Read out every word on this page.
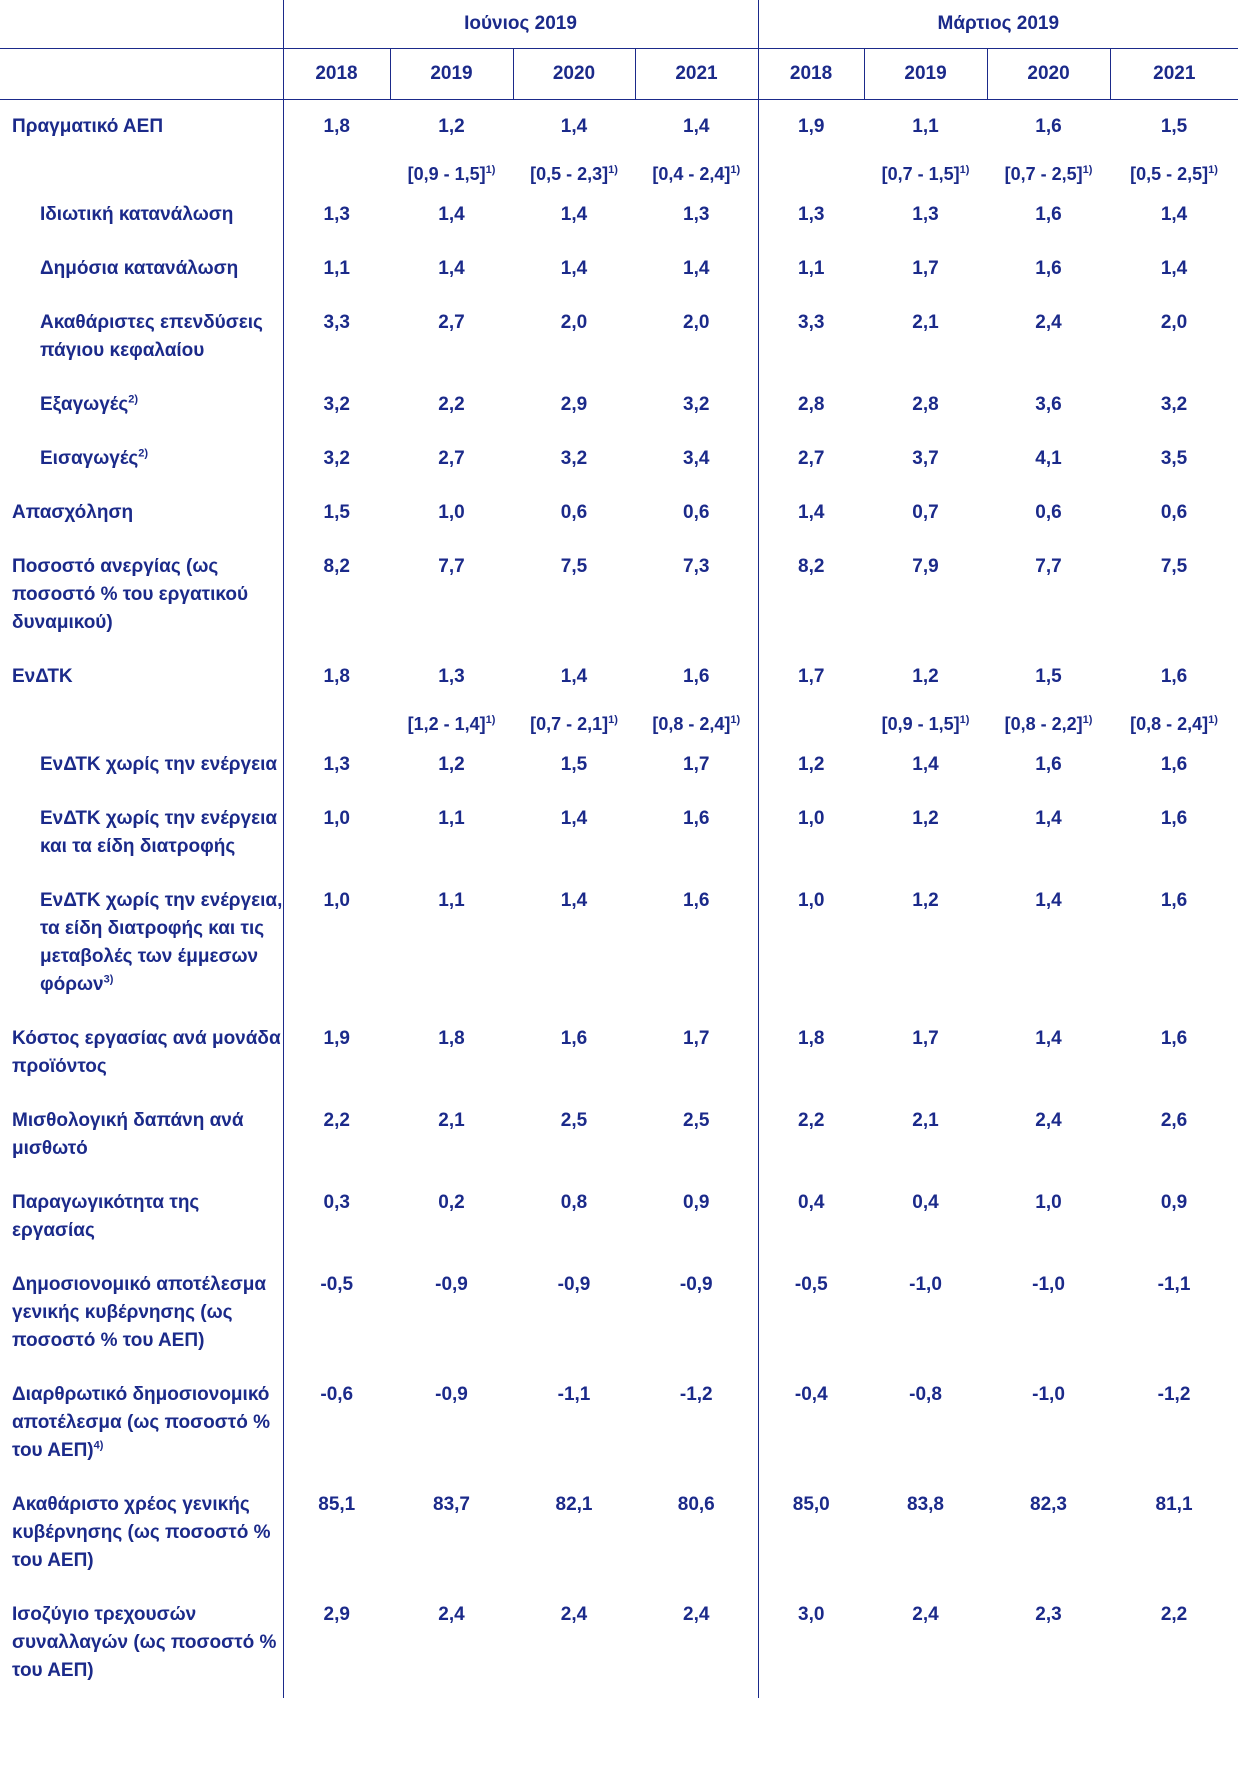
	Ιούνιος 2019				Μάρτιος 2019			
	2018	2019	2020	2021	2018	2019	2020	2021
Πραγματικό ΑΕΠ	1,8	1,2	1,4	1,4	1,9	1,1	1,6	1,5
		[0,9 - 1,5]$^{1)}$	[0,5 - 2,3]$^{1)}$	[0,4 - 2,4]$^{1)}$		[0,7 - 1,5]$^{1)}$	[0,7 - 2,5]$^{1)}$	[0,5 - 2,5]$^{1)}$
Ιδιωτική κατανάλωση	1,3	1,4	1,4	1,3	1,3	1,3	1,6	1,4
Δημόσια κατανάλωση	1,1	1,4	1,4	1,4	1,1	1,7	1,6	1,4
Ακαθάριστες επενδύσεις πάγιου κεφαλαίου	3,3	2,7	2,0	2,0	3,3	2,1	2,4	2,0
Εξαγωγές$^{2)}$	3,2	2,2	2,9	3,2	2,8	2,8	3,6	3,2
Εισαγωγές$^{2)}$	3,2	2,7	3,2	3,4	2,7	3,7	4,1	3,5
Απασχόληση	1,5	1,0	0,6	0,6	1,4	0,7	0,6	0,6
Ποσοστό ανεργίας (ως ποσοστό % του εργατικού δυναμικού)	8,2	7,7	7,5	7,3	8,2	7,9	7,7	7,5
ΕνΔΤΚ	1,8	1,3	1,4	1,6	1,7	1,2	1,5	1,6
		[1,2 - 1,4]$^{1)}$	[0,7 - 2,1]$^{1)}$	[0,8 - 2,4]$^{1)}$		[0,9 - 1,5]$^{1)}$	[0,8 - 2,2]$^{1)}$	[0,8 - 2,4]$^{1)}$
ΕνΔΤΚ χωρίς την ενέργεια	1,3	1,2	1,5	1,7	1,2	1,4	1,6	1,6
ΕνΔΤΚ χωρίς την ενέργεια και τα είδη διατροφής	1,0	1,1	1,4	1,6	1,0	1,2	1,4	1,6
ΕνΔΤΚ χωρίς την ενέργεια, τα είδη διατροφής και τις μεταβολές των έμμεσων φόρων$^{3)}$	1,0	1,1	1,4	1,6	1,0	1,2	1,4	1,6
Κόστος εργασίας ανά μονάδα προϊόντος	1,9	1,8	1,6	1,7	1,8	1,7	1,4	1,6
Μισθολογική δαπάνη ανά μισθωτό	2,2	2,1	2,5	2,5	2,2	2,1	2,4	2,6
Παραγωγικότητα της εργασίας	0,3	0,2	0,8	0,9	0,4	0,4	1,0	0,9
Δημοσιονομικό αποτέλεσμα γενικής κυβέρνησης (ως ποσοστό % του ΑΕΠ)	-0,5	-0,9	-0,9	-0,9	-0,5	-1,0	-1,0	-1,1
Διαρθρωτικό δημοσιονομικό αποτέλεσμα (ως ποσοστό % του ΑΕΠ)$^{4)}$	-0,6	-0,9	-1,1	-1,2	-0,4	-0,8	-1,0	-1,2
Ακαθάριστο χρέος γενικής κυβέρνησης (ως ποσοστό % του ΑΕΠ)	85,1	83,7	82,1	80,6	85,0	83,8	82,3	81,1
Ισοζύγιο τρεχουσών συναλλαγών (ως ποσοστό % του ΑΕΠ)	2,9	2,4	2,4	2,4	3,0	2,4	2,3	2,2
